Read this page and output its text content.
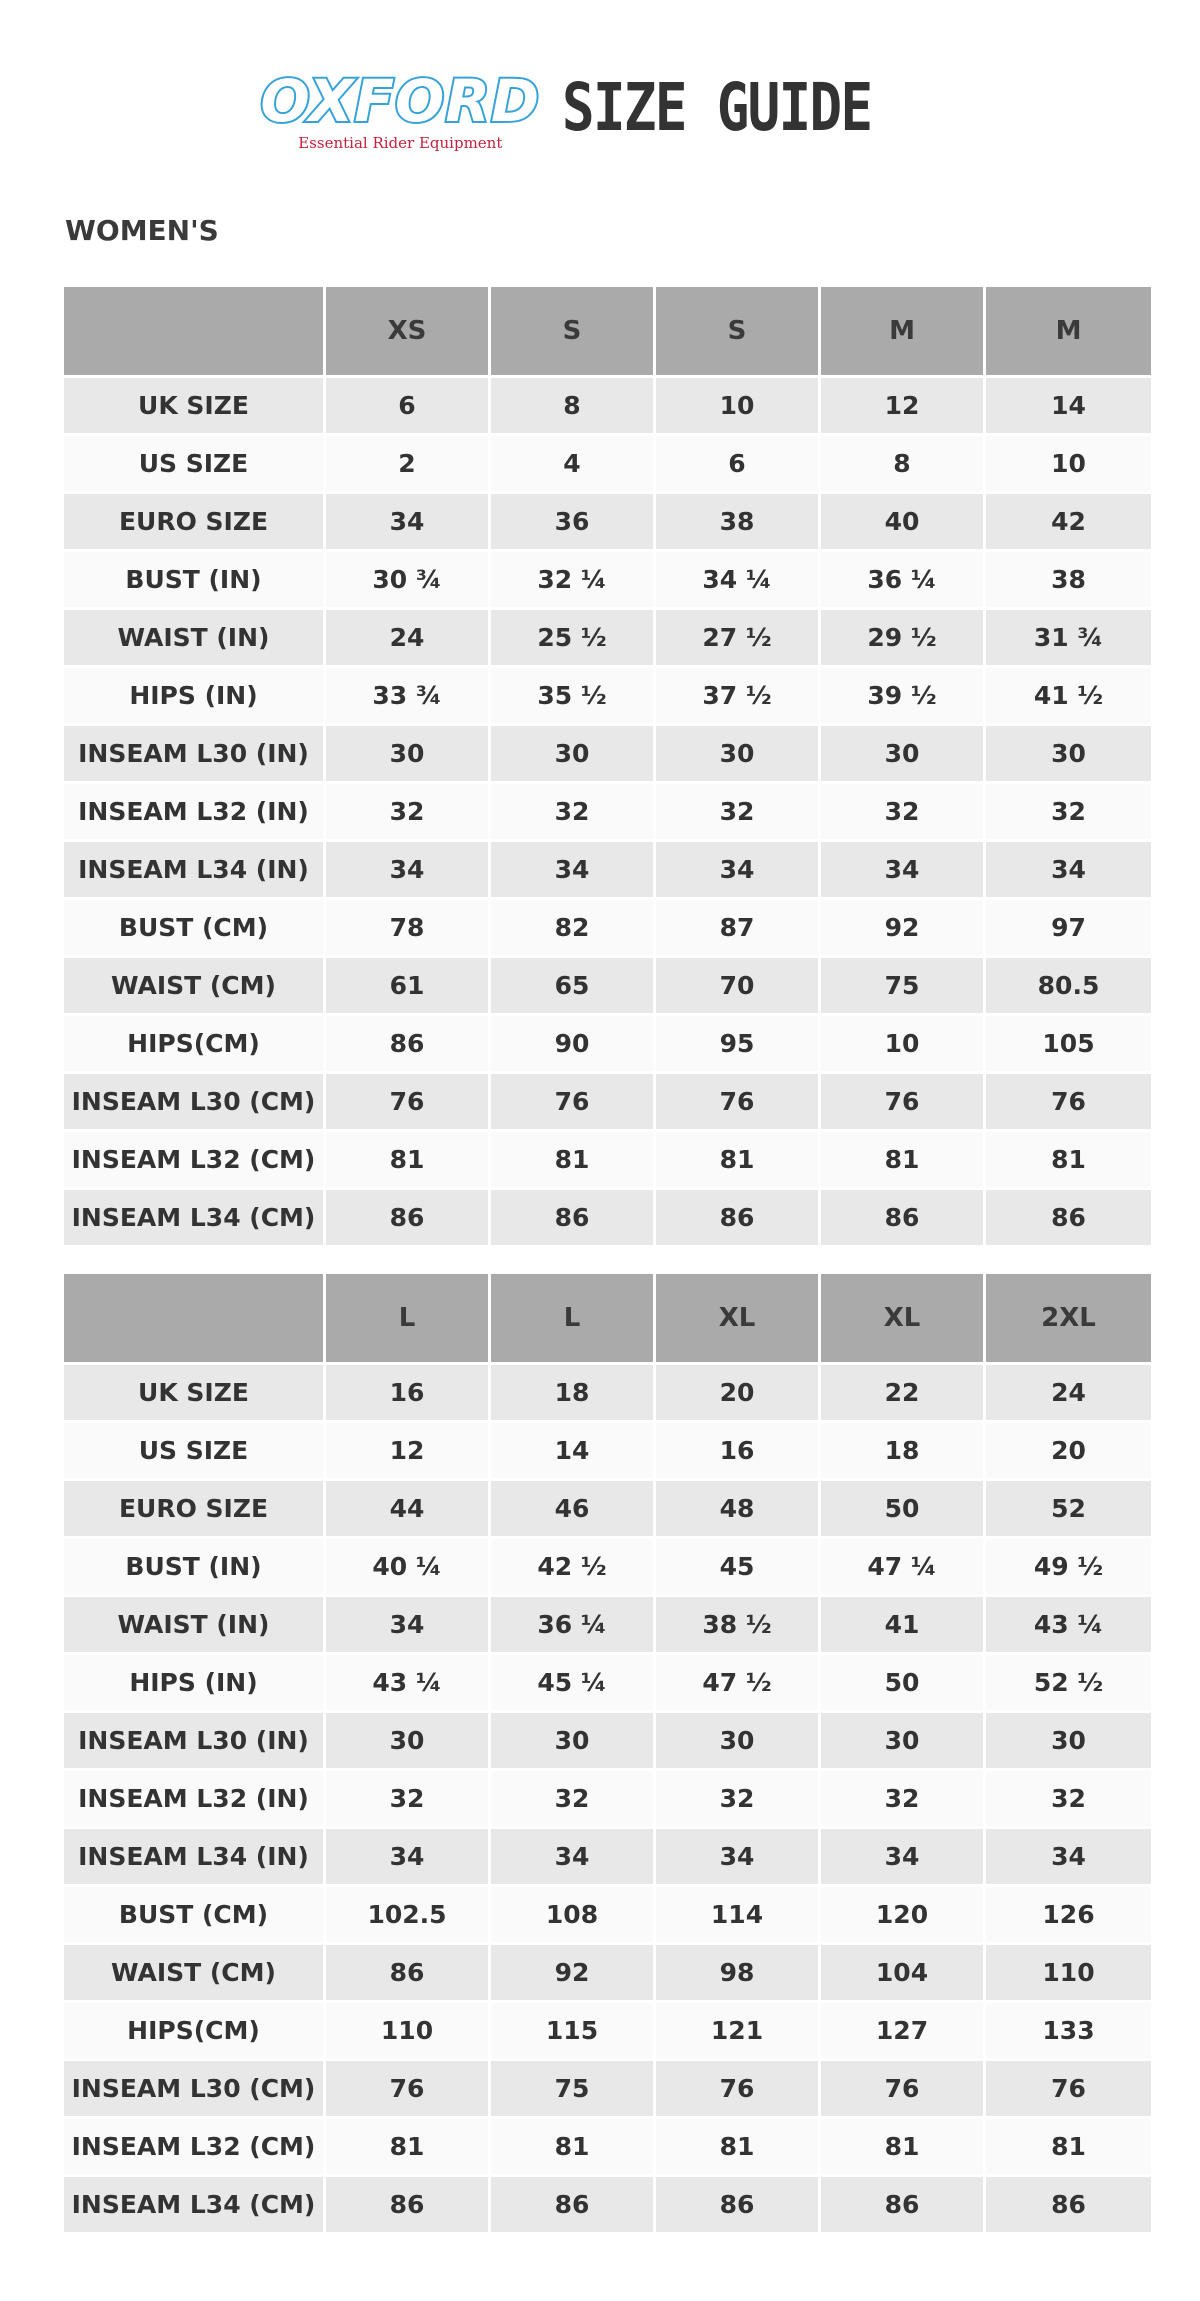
OXFORD
Essential Rider Equipment SIZE GUIDE
WOMEN'S
	XS	S	S	M	M
UK SIZE	6	8	10	12	14
US SIZE	2	4	6	8	10
EURO SIZE	34	36	38	40	42
BUST (IN)	30 ¾	32 ¼	34 ¼	36 ¼	38
WAIST (IN)	24	25 ½	27 ½	29 ½	31 ¾
HIPS (IN)	33 ¾	35 ½	37 ½	39 ½	41 ½
INSEAM L30 (IN)	30	30	30	30	30
INSEAM L32 (IN)	32	32	32	32	32
INSEAM L34 (IN)	34	34	34	34	34
BUST (CM)	78	82	87	92	97
WAIST (CM)	61	65	70	75	80.5
HIPS(CM)	86	90	95	10	105
INSEAM L30 (CM)	76	76	76	76	76
INSEAM L32 (CM)	81	81	81	81	81
INSEAM L34 (CM)	86	86	86	86	86
	L	L	XL	XL	2XL
UK SIZE	16	18	20	22	24
US SIZE	12	14	16	18	20
EURO SIZE	44	46	48	50	52
BUST (IN)	40 ¼	42 ½	45	47 ¼	49 ½
WAIST (IN)	34	36 ¼	38 ½	41	43 ¼
HIPS (IN)	43 ¼	45 ¼	47 ½	50	52 ½
INSEAM L30 (IN)	30	30	30	30	30
INSEAM L32 (IN)	32	32	32	32	32
INSEAM L34 (IN)	34	34	34	34	34
BUST (CM)	102.5	108	114	120	126
WAIST (CM)	86	92	98	104	110
HIPS(CM)	110	115	121	127	133
INSEAM L30 (CM)	76	75	76	76	76
INSEAM L32 (CM)	81	81	81	81	81
INSEAM L34 (CM)	86	86	86	86	86
